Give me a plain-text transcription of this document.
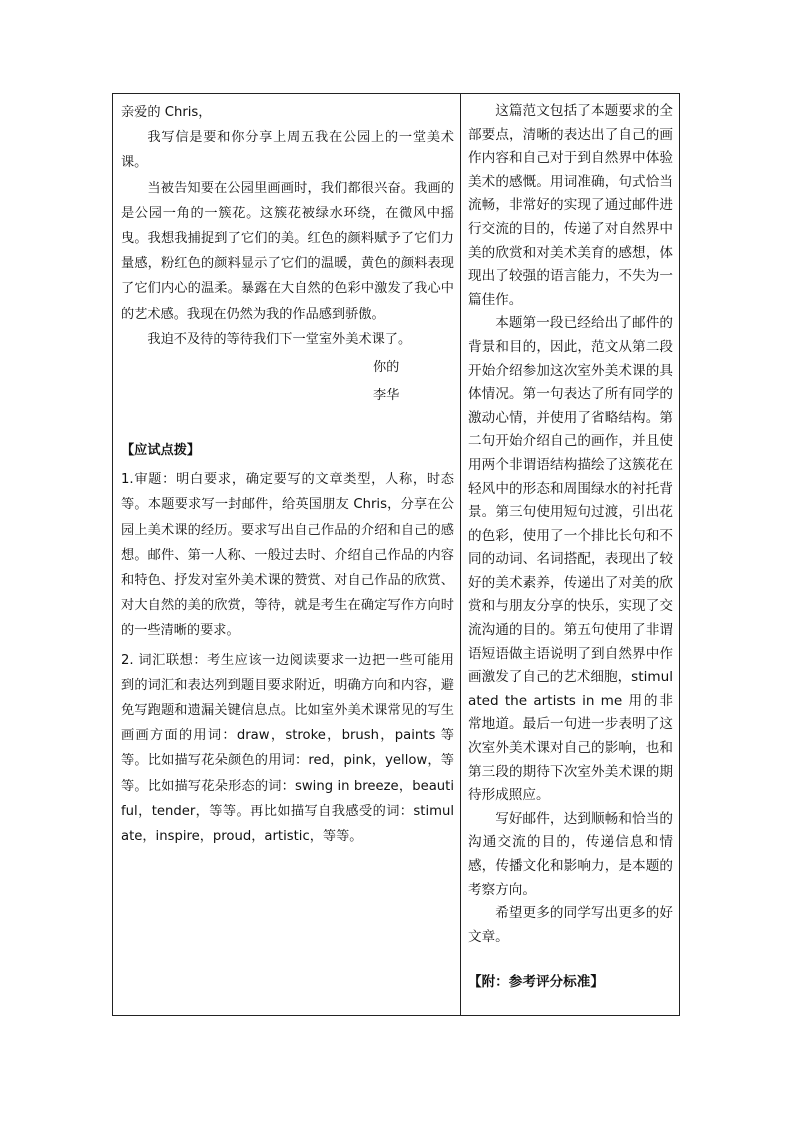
亲爱的 Chris，

我写信是要和你分享上周五我在公园上的一堂美术课。

当被告知要在公园里画画时，我们都很兴奋。我画的是公园一角的一簇花。这簇花被绿水环绕，在微风中摇曳。我想我捕捉到了它们的美。红色的颜料赋予了它们力量感，粉红色的颜料显示了它们的温暖，黄色的颜料表现了它们内心的温柔。暴露在大自然的色彩中激发了我心中的艺术感。我现在仍然为我的作品感到骄傲。

我迫不及待的等待我们下一堂室外美术课了。

你的

李华

【应试点拨】

1.审题：明白要求，确定要写的文章类型，人称，时态等。本题要求写一封邮件，给英国朋友 Chris，分享在公园上美术课的经历。要求写出自己作品的介绍和自己的感想。邮件、第一人称、一般过去时、介绍自己作品的内容和特色、抒发对室外美术课的赞赏、对自己作品的欣赏、对大自然的美的欣赏，等待，就是考生在确定写作方向时的一些清晰的要求。

2. 词汇联想：考生应该一边阅读要求一边把一些可能用到的词汇和表达列到题目要求附近，明确方向和内容，避免写跑题和遗漏关键信息点。比如室外美术课常见的写生画画方面的用词：draw，stroke，brush，paints 等等。比如描写花朵颜色的用词：red，pink，yellow，等等。比如描写花朵形态的词：swing in breeze，beautiful，tender，等等。再比如描写自我感受的词：stimulate，inspire，proud，artistic，等等。

这篇范文包括了本题要求的全部要点，清晰的表达出了自己的画作内容和自己对于到自然界中体验美术的感慨。用词准确，句式恰当流畅，非常好的实现了通过邮件进行交流的目的，传递了对自然界中美的欣赏和对美术美育的感想，体现出了较强的语言能力，不失为一篇佳作。

本题第一段已经给出了邮件的背景和目的，因此，范文从第二段开始介绍参加这次室外美术课的具体情况。第一句表达了所有同学的激动心情，并使用了省略结构。第二句开始介绍自己的画作，并且使用两个非谓语结构描绘了这簇花在轻风中的形态和周围绿水的衬托背景。第三句使用短句过渡，引出花的色彩，使用了一个排比长句和不同的动词、名词搭配，表现出了较好的美术素养，传递出了对美的欣赏和与朋友分享的快乐，实现了交流沟通的目的。第五句使用了非谓语短语做主语说明了到自然界中作画激发了自己的艺术细胞，stimulated the artists in me 用的非常地道。最后一句进一步表明了这次室外美术课对自己的影响，也和第三段的期待下次室外美术课的期待形成照应。

写好邮件，达到顺畅和恰当的沟通交流的目的，传递信息和情感，传播文化和影响力，是本题的考察方向。

希望更多的同学写出更多的好文章。

【附：参考评分标准】
